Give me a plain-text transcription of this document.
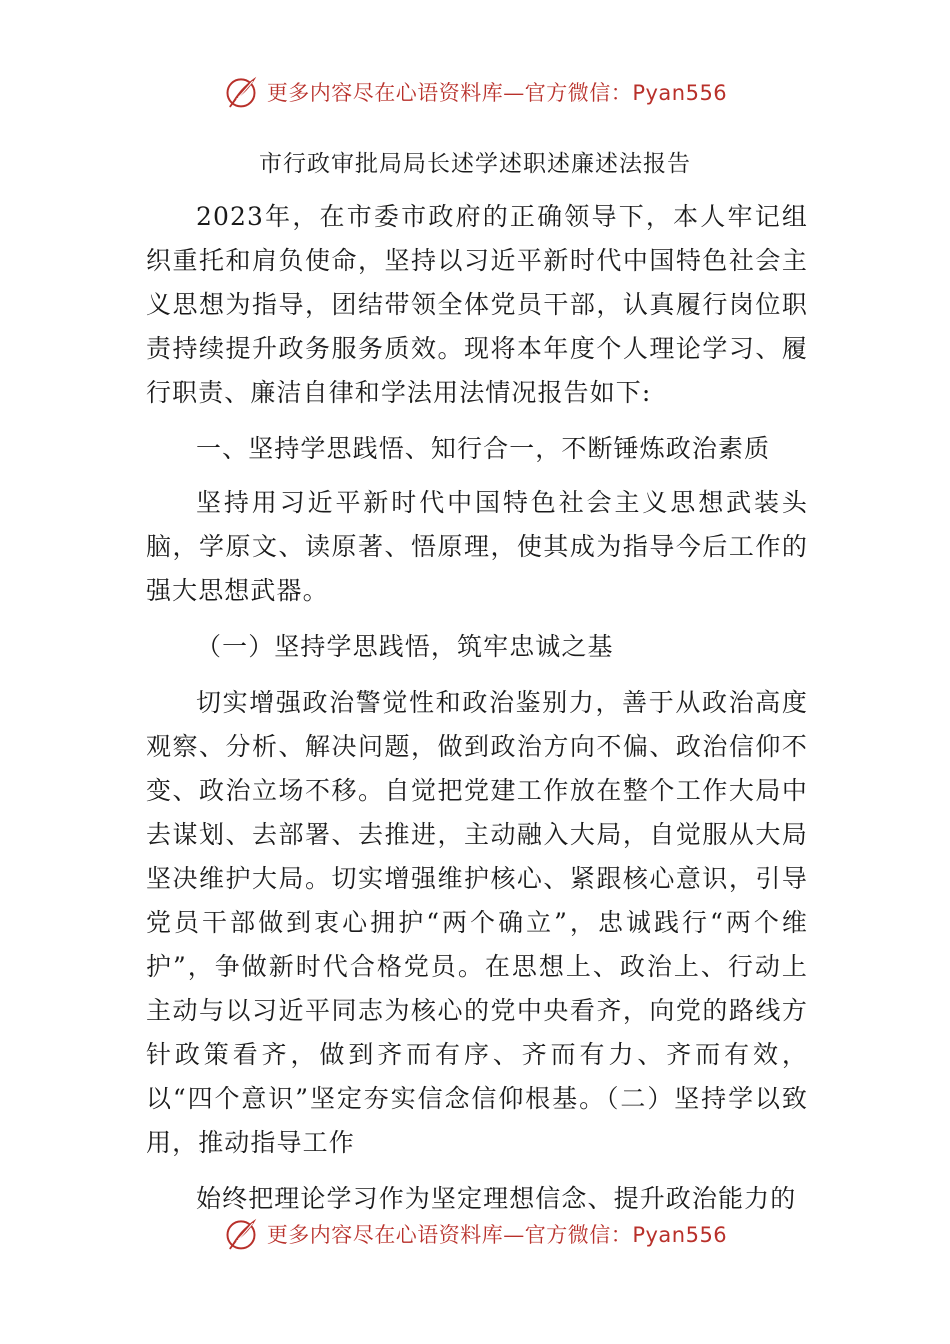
更多内容尽在心语资料库—官方微信：Pyan556
市行政审批局局长述学述职述廉述法报告

2023年，在市委市政府的正确领导下，本人牢记组织重托和肩负使命，坚持以习近平新时代中国特色社会主义思想为指导，团结带领全体党员干部，认真履行岗位职责持续提升政务服务质效。现将本年度个人理论学习、履行职责、廉洁自律和学法用法情况报告如下:

一、坚持学思践悟、知行合一，不断锤炼政治素质

坚持用习近平新时代中国特色社会主义思想武装头脑，学原文、读原著、悟原理，使其成为指导今后工作的强大思想武器。

（一）坚持学思践悟，筑牢忠诚之基

切实增强政治警觉性和政治鉴别力，善于从政治高度观察、分析、解决问题，做到政治方向不偏、政治信仰不变、政治立场不移。自觉把党建工作放在整个工作大局中去谋划、去部署、去推进，主动融入大局，自觉服从大局坚决维护大局。切实增强维护核心、紧跟核心意识，引导党员干部做到衷心拥护“两个确立”，忠诚践行“两个维护”，争做新时代合格党员。在思想上、政治上、行动上主动与以习近平同志为核心的党中央看齐，向党的路线方针政策看齐，做到齐而有序、齐而有力、齐而有效，以“四个意识”坚定夯实信念信仰根基。（二）坚持学以致用，推动指导工作

始终把理论学习作为坚定理想信念、提升政治能力的

更多内容尽在心语资料库—官方微信：Pyan556
